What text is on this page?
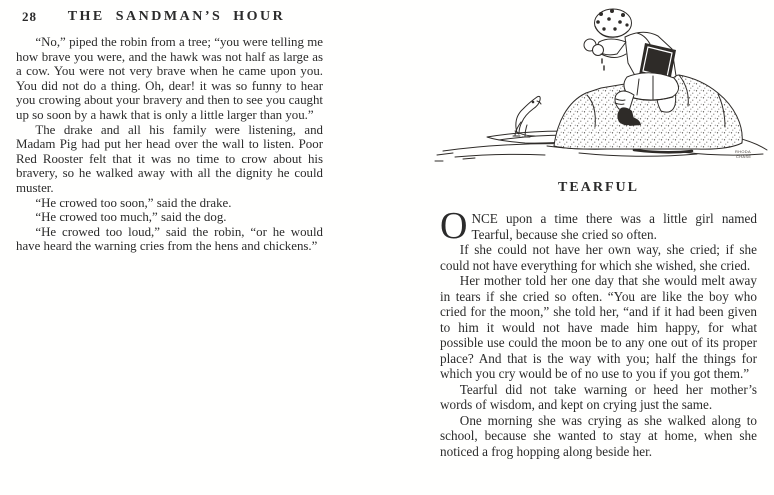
28	THE SANDMAN’S HOUR

“No,” piped the robin from a tree; “you were telling me how brave you were, and the hawk was not half as large as a cow. You were not very brave when he came upon you. You did not do a thing. Oh, dear! it was so funny to hear you crowing about your bravery and then to see you caught up so soon by a hawk that is only a little larger than you.”

The drake and all his family were listening, and Madam Pig had put her head over the wall to listen. Poor Red Rooster felt that it was no time to crow about his bravery, so he walked away with all the dignity he could muster.

“He crowed too soon,” said the drake.

“He crowed too much,” said the dog.

“He crowed too loud,” said the robin, “or he would have heard the warning cries from the hens and chickens.”

RHODA CHASE
TEARFUL

ONCE upon a time there was a little girl named Tearful, because she cried so often.

If she could not have her own way, she cried; if she could not have everything for which she wished, she cried.

Her mother told her one day that she would melt away in tears if she cried so often. “You are like the boy who cried for the moon,” she told her, “and if it had been given to him it would not have made him happy, for what possible use could the moon be to any one out of its proper place? And that is the way with you; half the things for which you cry would be of no use to you if you got them.”

Tearful did not take warning or heed her mother’s words of wisdom, and kept on crying just the same.

One morning she was crying as she walked along to school, because she wanted to stay at home, when she noticed a frog hopping along beside her.
